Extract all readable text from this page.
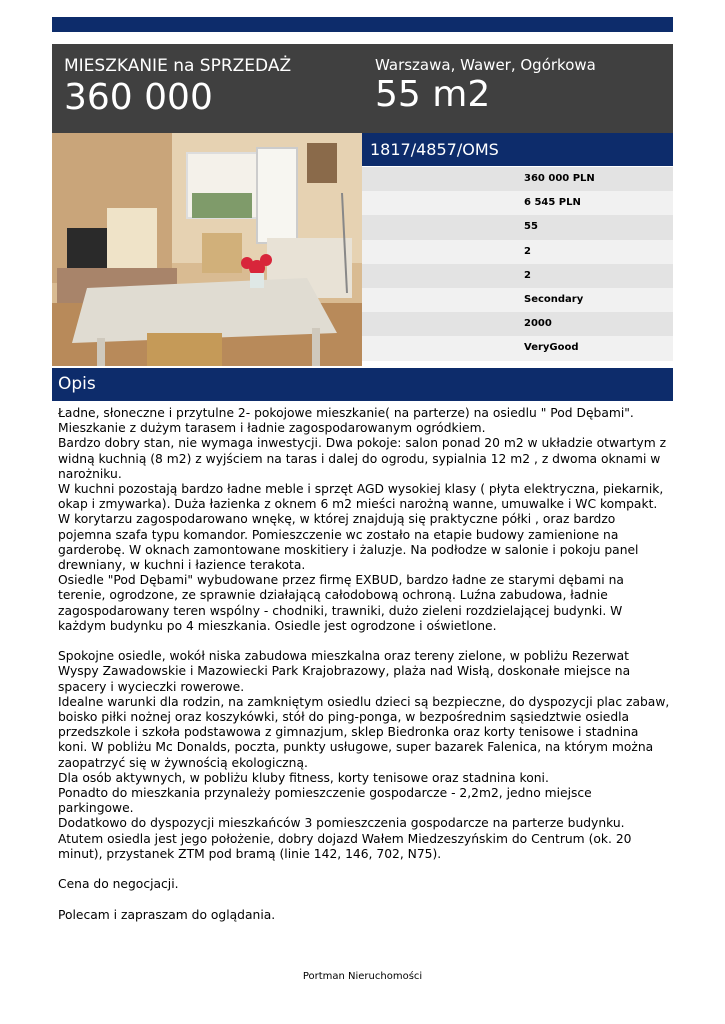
MIESZKANIE na SPRZEDAŻ
360 000
Warszawa, Wawer, Ogórkowa
55 m2
1817/4857/OMS
360 000 PLN
6 545 PLN
55
2
2
Secondary
2000
VeryGood
Opis

Ładne, słoneczne i przytulne 2- pokojowe mieszkanie( na parterze) na osiedlu " Pod Dębami".

Mieszkanie z dużym tarasem i ładnie zagospodarowanym ogródkiem.

Bardzo dobry stan, nie wymaga inwestycji. Dwa pokoje: salon ponad 20 m2 w układzie otwartym z

widną kuchnią (8 m2) z wyjściem na taras i dalej do ogrodu, sypialnia 12 m2 , z dwoma oknami w

narożniku.

W kuchni pozostają bardzo ładne meble i sprzęt AGD wysokiej klasy ( płyta elektryczna, piekarnik,

okap i zmywarka). Duża łazienka z oknem 6 m2 mieści narożną wanne, umuwalke i WC kompakt.

W korytarzu zagospodarowano wnękę, w której znajdują się praktyczne półki , oraz bardzo

pojemna szafa typu komandor. Pomieszczenie wc zostało na etapie budowy zamienione na

garderobę. W oknach zamontowane moskitiery i żaluzje. Na podłodze w salonie i pokoju panel

drewniany, w kuchni i łazience terakota.

Osiedle "Pod Dębami" wybudowane przez firmę EXBUD, bardzo ładne ze starymi dębami na

terenie, ogrodzone, ze sprawnie działającą całodobową ochroną. Luźna zabudowa, ładnie

zagospodarowany teren wspólny - chodniki, trawniki, dużo zieleni rozdzielającej budynki. W

każdym budynku po 4 mieszkania. Osiedle jest ogrodzone i oświetlone.

Spokojne osiedle, wokół niska zabudowa mieszkalna oraz tereny zielone, w pobliżu Rezerwat

Wyspy Zawadowskie i Mazowiecki Park Krajobrazowy, plaża nad Wisłą, doskonałe miejsce na

spacery i wycieczki rowerowe.

Idealne warunki dla rodzin, na zamkniętym osiedlu dzieci są bezpieczne, do dyspozycji plac zabaw,

boisko piłki nożnej oraz koszykówki, stół do ping-ponga, w bezpośrednim sąsiedztwie osiedla

przedszkole i szkoła podstawowa z gimnazjum, sklep Biedronka oraz korty tenisowe i stadnina

koni. W pobliżu Mc Donalds, poczta, punkty usługowe, super bazarek Falenica, na którym można

zaopatrzyć się w żywnością ekologiczną.

Dla osób aktywnych, w pobliżu kluby fitness, korty tenisowe oraz stadnina koni.

Ponadto do mieszkania przynależy pomieszczenie gospodarcze - 2,2m2, jedno miejsce parkingowe.

Dodatkowo do dyspozycji mieszkańców 3 pomieszczenia gospodarcze na parterze budynku.

Atutem osiedla jest jego położenie, dobry dojazd Wałem Miedzeszyńskim do Centrum (ok. 20

minut), przystanek ZTM pod bramą (linie 142, 146, 702, N75).

Cena do negocjacji.

Polecam i zapraszam do oglądania.

Portman Nieruchomości
